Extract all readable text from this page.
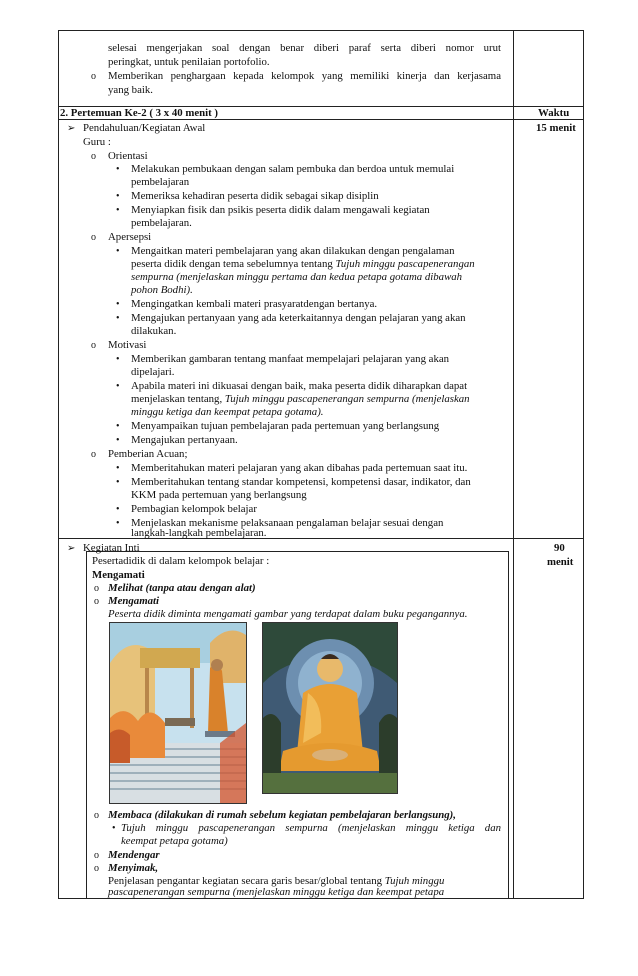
selesai mengerjakan soal dengan benar diberi paraf serta diberi nomor urut
peringkat, untuk penilaian portofolio.
o Memberikan penghargaan kepada kelompok yang memiliki kinerja dan kerjasama
yang baik.
2. Pertemuan Ke-2 ( 3 x 40 menit )	Waktu
➢ Pendahuluan/Kegiatan Awal	15 menit
Guru :
o Orientasi
• Melakukan pembukaan dengan salam pembuka dan berdoa untuk memulai
pembelajaran
• Memeriksa kehadiran peserta didik sebagai sikap disiplin
• Menyiapkan fisik dan psikis peserta didik dalam mengawali kegiatan
pembelajaran.
o Apersepsi
• Mengaitkan materi pembelajaran yang akan dilakukan dengan pengalaman
peserta didik dengan tema sebelumnya tentang Tujuh minggu pascapenerangan
sempurna (menjelaskan minggu pertama dan kedua petapa gotama dibawah
pohon Bodhi).
• Mengingatkan kembali materi prasyaratdengan bertanya.
• Mengajukan pertanyaan yang ada keterkaitannya dengan pelajaran yang akan
dilakukan.
o Motivasi
• Memberikan gambaran tentang manfaat mempelajari pelajaran yang akan
dipelajari.
• Apabila materi ini dikuasai dengan baik, maka peserta didik diharapkan dapat
menjelaskan tentang, Tujuh minggu pascapenerangan sempurna (menjelaskan
minggu ketiga dan keempat petapa gotama).
• Menyampaikan tujuan pembelajaran pada pertemuan yang berlangsung
• Mengajukan pertanyaan.
o Pemberian Acuan;
• Memberitahukan materi pelajaran yang akan dibahas pada pertemuan saat itu.
• Memberitahukan tentang standar kompetensi, kompetensi dasar, indikator, dan
KKM pada pertemuan yang berlangsung
• Pembagian kelompok belajar
• Menjelaskan mekanisme pelaksanaan pengalaman belajar sesuai dengan
langkah-langkah pembelajaran.
➢ Kegiatan Inti	90
menit
Pesertadidik di dalam kelompok belajar :
Mengamati
o Melihat (tanpa atau dengan alat)
o Mengamati
Peserta didik diminta mengamati gambar yang terdapat dalam buku pegangannya.
o Membaca (dilakukan di rumah sebelum kegiatan pembelajaran berlangsung),
• Tujuh minggu pascapenerangan sempurna (menjelaskan minggu ketiga dan
keempat petapa gotama)
o Mendengar
o Menyimak,
Penjelasan pengantar kegiatan secara garis besar/global tentang Tujuh minggu
pascapenerangan sempurna (menjelaskan minggu ketiga dan keempat petapa
